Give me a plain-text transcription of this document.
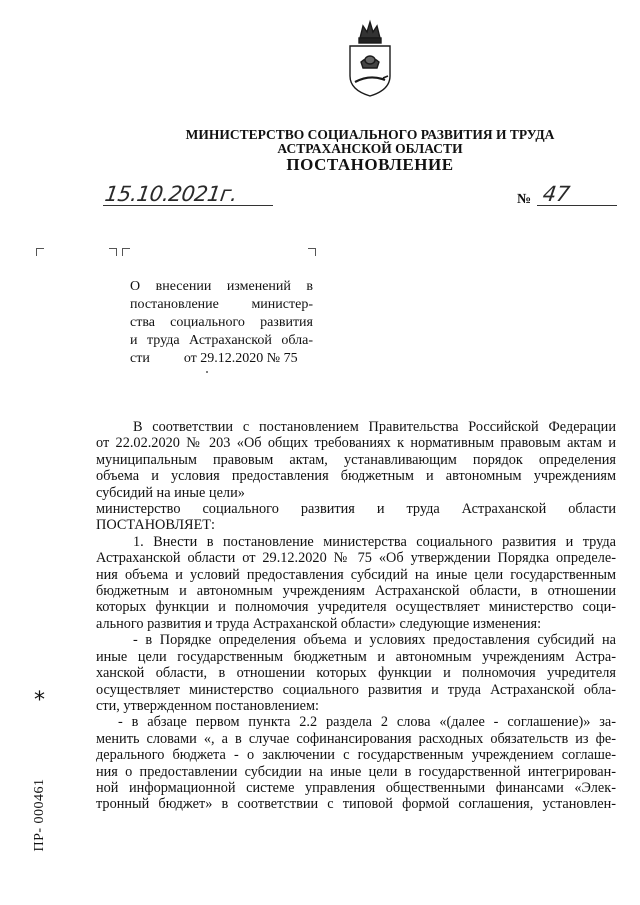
МИНИСТЕРСТВО СОЦИАЛЬНОГО РАЗВИТИЯ И ТРУДА
АСТРАХАНСКОЙ ОБЛАСТИ
ПОСТАНОВЛЕНИЕ
15.10.2021г.	№ 47
О внесении изменений в
постановление министер-
ства социального развития
и труда Астраханской обла-
сти от 29.12.2020 № 75
В соответствии с постановлением Правительства Российской Федерации
от 22.02.2020 № 203 «Об общих требованиях к нормативным правовым актам и
муниципальным правовым актам, устанавливающим порядок определения
объема и условия предоставления бюджетным и автономным учреждениям
субсидий на иные цели»
министерство социального развития и труда Астраханской области
ПОСТАНОВЛЯЕТ:
1. Внести в постановление министерства социального развития и труда
Астраханской области от 29.12.2020 № 75 «Об утверждении Порядка определе-
ния объема и условий предоставления субсидий на иные цели государственным
бюджетным и автономным учреждениям Астраханской области, в отношении
которых функции и полномочия учредителя осуществляет министерство соци-
ального развития и труда Астраханской области» следующие изменения:
- в Порядке определения объема и условиях предоставления субсидий на
иные цели государственным бюджетным и автономным учреждениям Астра-
ханской области, в отношении которых функции и полномочия учредителя
осуществляет министерство социального развития и труда Астраханской обла-
сти, утвержденном постановлением:
- в абзаце первом пункта 2.2 раздела 2 слова «(далее - соглашение)» за-
менить словами «, а в случае софинансирования расходных обязательств из фе-
дерального бюджета - о заключении с государственным учреждением соглаше-
ния о предоставлении субсидии на иные цели в государственной интегрирован-
ной информационной системе управления общественными финансами «Элек-
тронный бюджет» в соответствии с типовой формой соглашения, установлен-
*
ПР- 000461
